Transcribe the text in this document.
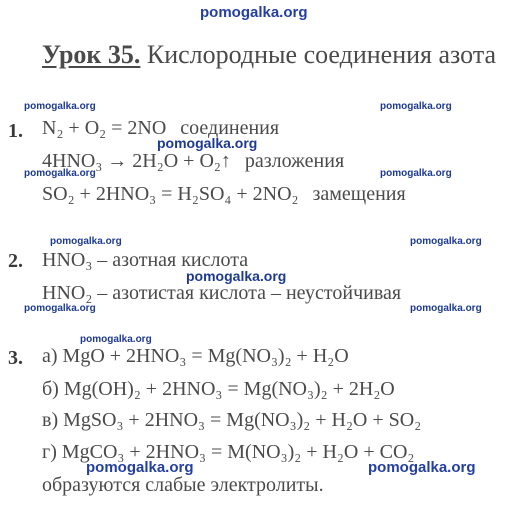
pomogalka.org
pomogalka.org	pomogalka.org
pomogalka.org
pomogalka.org	pomogalka.org
pomogalka.org	pomogalka.org
pomogalka.org
pomogalka.org	pomogalka.org
pomogalka.org
pomogalka.org	pomogalka.org
Урок 35. Кислородные соединения азота
1. N₂ + O₂ = 2NO соединения
4HNO₃ → 2H₂O + O₂↑ разложения
SO₂ + 2HNO₃ = H₂SO₄ + 2NO₂ замещения
2. HNO₃ – азотная кислота
HNO₂ – азотистая кислота – неустойчивая
3. а) MgO + 2HNO₃ = Mg(NO₃)₂ + H₂O
б) Mg(OH)₂ + 2HNO₃ = Mg(NO₃)₂ + 2H₂O
в) MgSO₃ + 2HNO₃ = Mg(NO₃)₂ + H₂O + SO₂
г) MgCO₃ + 2HNO₃ = M(NO₃)₂ + H₂O + CO₂
образуются слабые электролиты.
